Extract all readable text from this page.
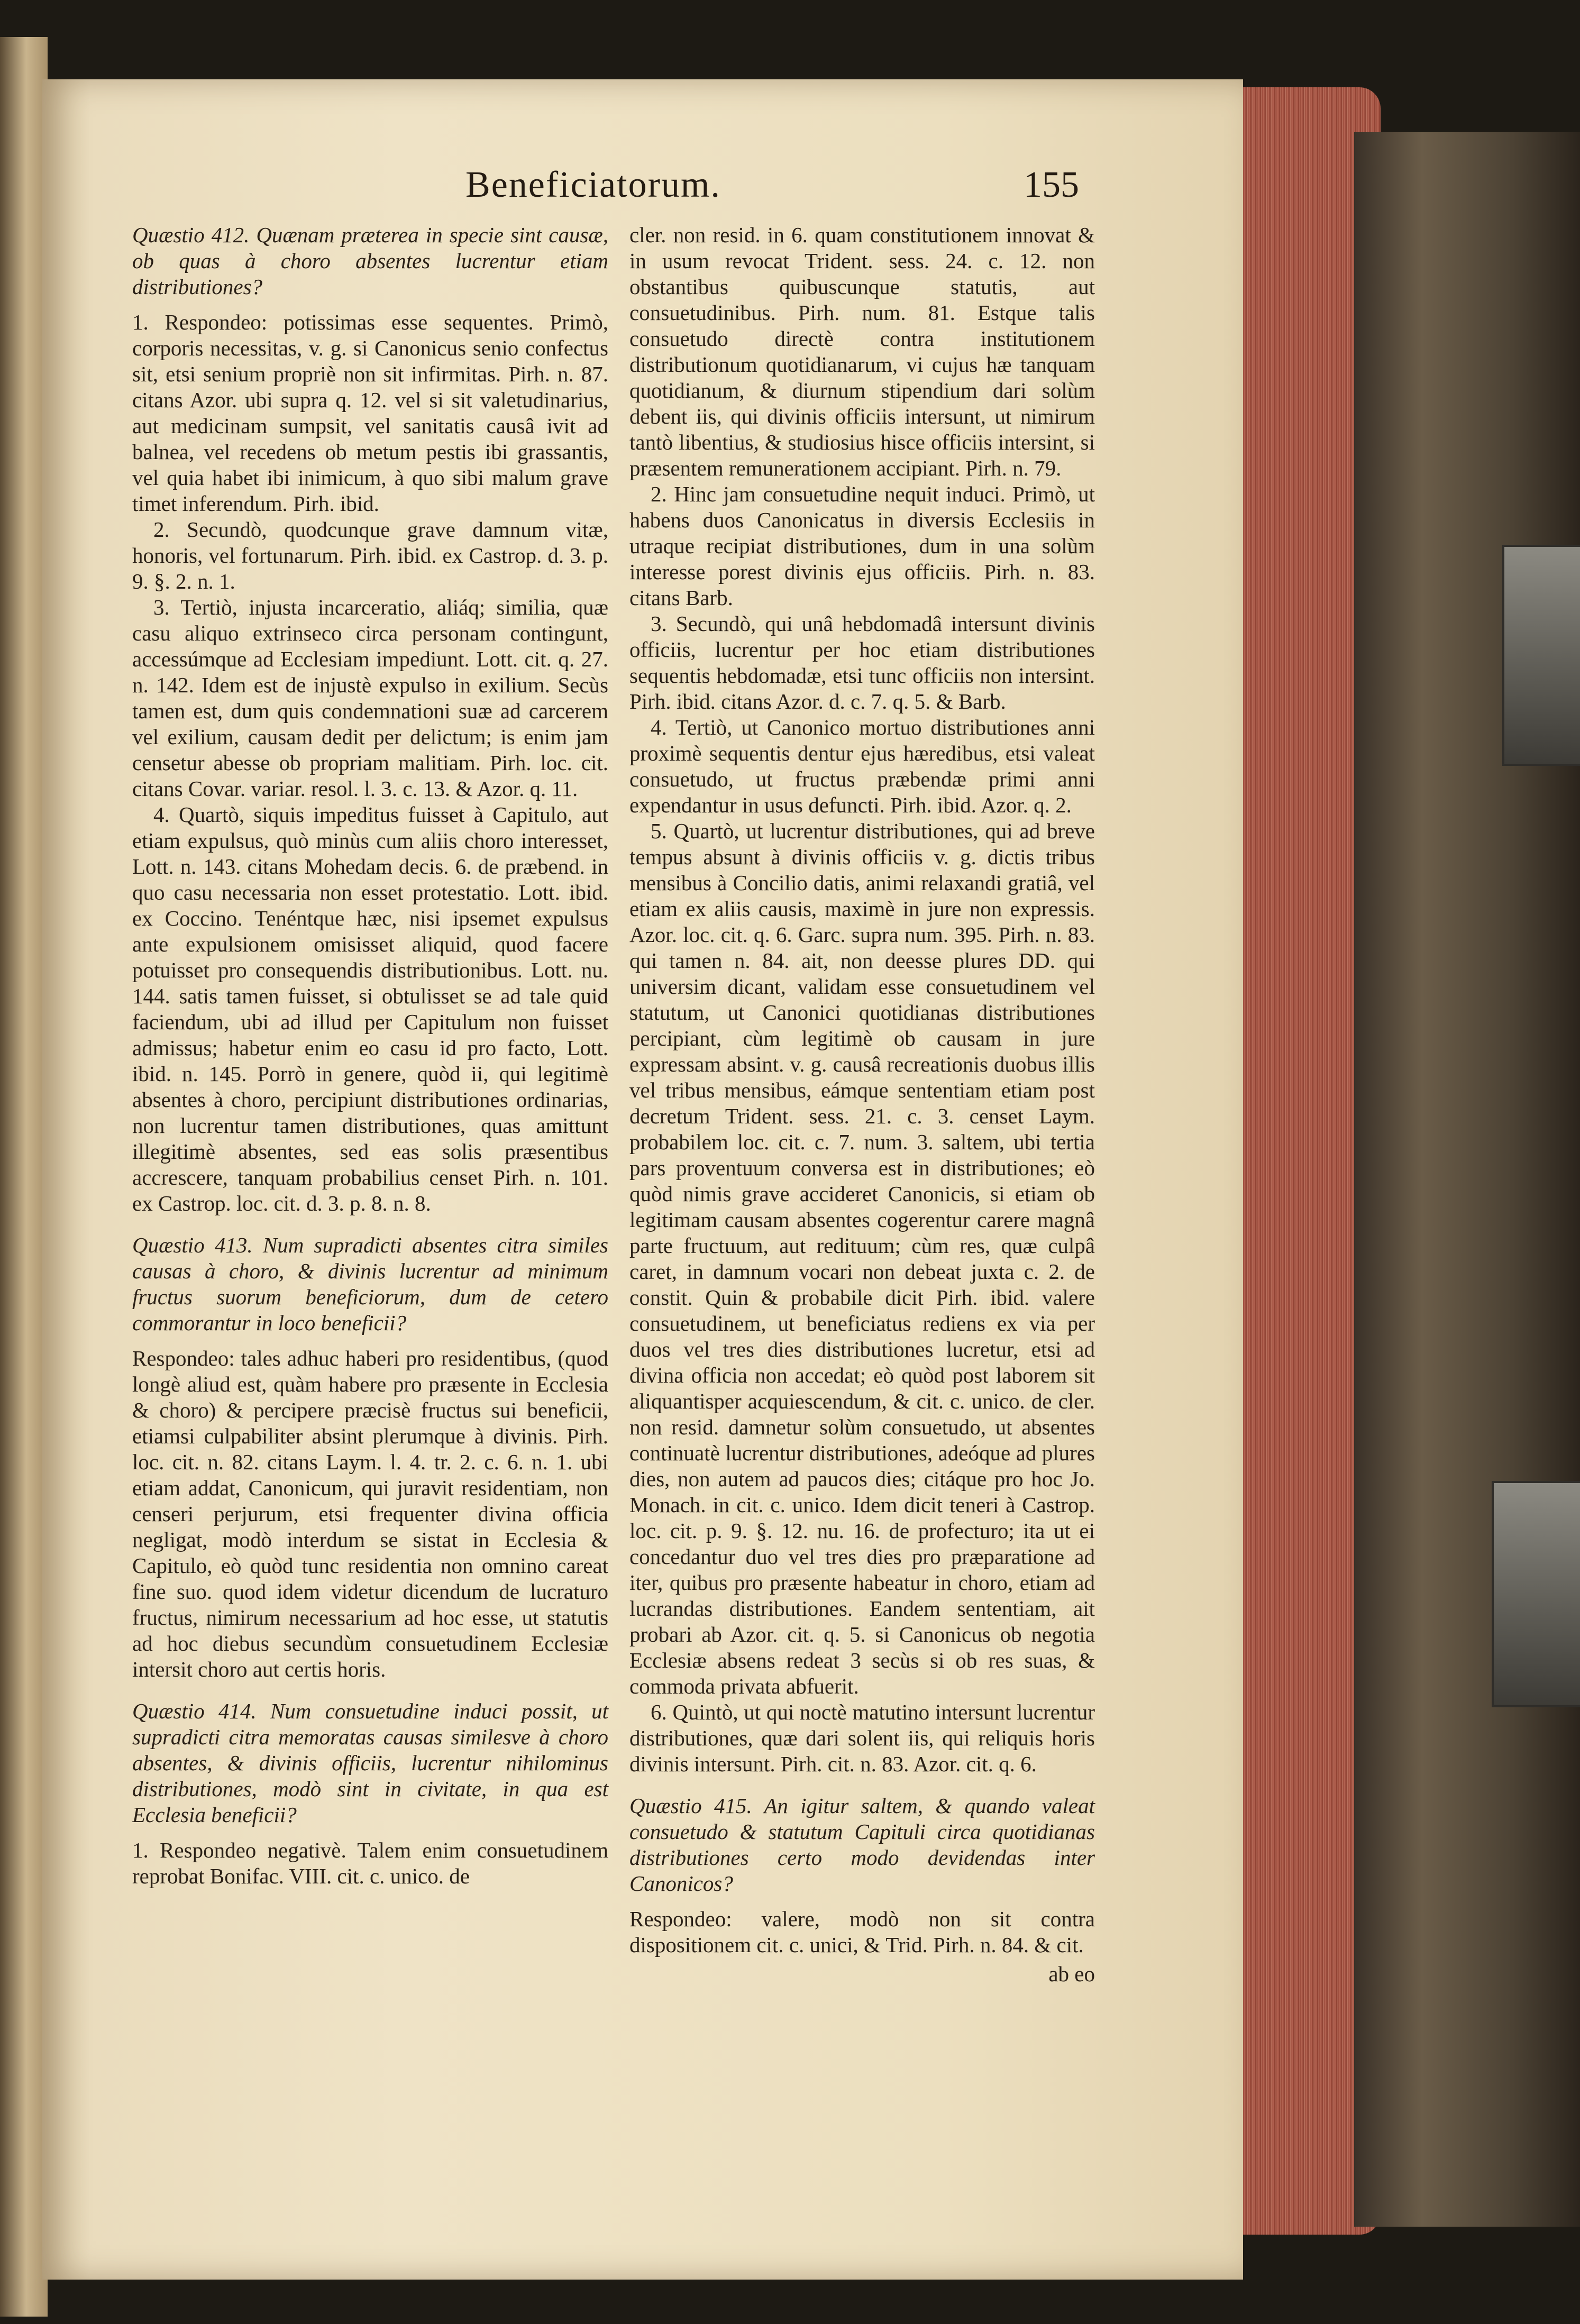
Beneficiatorum.	155

Quæstio 412. Quænam præterea in specie sint causæ, ob quas à choro absentes lucrentur etiam distributiones?

1. Respondeo: potissimas esse sequentes. Primò, corporis necessitas, v. g. si Canonicus senio confectus sit, etsi senium propriè non sit infirmitas. Pirh. n. 87. citans Azor. ubi supra q. 12. vel si sit valetudinarius, aut medicinam sumpsit, vel sanitatis causâ ivit ad balnea, vel recedens ob metum pestis ibi grassantis, vel quia habet ibi inimicum, à quo sibi malum grave timet inferendum. Pirh. ibid.

2. Secundò, quodcunque grave damnum vitæ, honoris, vel fortunarum. Pirh. ibid. ex Castrop. d. 3. p. 9. §. 2. n. 1.

3. Tertiò, injusta incarceratio, aliáq; similia, quæ casu aliquo extrinseco circa personam contingunt, accessúmque ad Ecclesiam impediunt. Lott. cit. q. 27. n. 142. Idem est de injustè expulso in exilium. Secùs tamen est, dum quis condemnationi suæ ad carcerem vel exilium, causam dedit per delictum; is enim jam censetur abesse ob propriam malitiam. Pirh. loc. cit. citans Covar. variar. resol. l. 3. c. 13. & Azor. q. 11.

4. Quartò, siquis impeditus fuisset à Capitulo, aut etiam expulsus, quò minùs cum aliis choro interesset, Lott. n. 143. citans Mohedam decis. 6. de præbend. in quo casu necessaria non esset protestatio. Lott. ibid. ex Coccino. Tenéntque hæc, nisi ipsemet expulsus ante expulsionem omisisset aliquid, quod facere potuisset pro consequendis distributionibus. Lott. nu. 144. satis tamen fuisset, si obtulisset se ad tale quid faciendum, ubi ad illud per Capitulum non fuisset admissus; habetur enim eo casu id pro facto, Lott. ibid. n. 145. Porrò in genere, quòd ii, qui legitimè absentes à choro, percipiunt distributiones ordinarias, non lucrentur tamen distributiones, quas amittunt illegitimè absentes, sed eas solis præsentibus accrescere, tanquam probabilius censet Pirh. n. 101. ex Castrop. loc. cit. d. 3. p. 8. n. 8.

Quæstio 413. Num supradicti absentes citra similes causas à choro, & divinis lucrentur ad minimum fructus suorum beneficiorum, dum de cetero commorantur in loco beneficii?

Respondeo: tales adhuc haberi pro residentibus, (quod longè aliud est, quàm habere pro præsente in Ecclesia & choro) & percipere præcisè fructus sui beneficii, etiamsi culpabiliter absint plerumque à divinis. Pirh. loc. cit. n. 82. citans Laym. l. 4. tr. 2. c. 6. n. 1. ubi etiam addat, Canonicum, qui juravit residentiam, non censeri perjurum, etsi frequenter divina officia negligat, modò interdum se sistat in Ecclesia & Capitulo, eò quòd tunc residentia non omnino careat fine suo. quod idem videtur dicendum de lucraturo fructus, nimirum necessarium ad hoc esse, ut statutis ad hoc diebus secundùm consuetudinem Ecclesiæ intersit choro aut certis horis.

Quæstio 414. Num consuetudine induci possit, ut supradicti citra memoratas causas similesve à choro absentes, & divinis officiis, lucrentur nihilominus distributiones, modò sint in civitate, in qua est Ecclesia beneficii?

1. Respondeo negativè. Talem enim consuetudinem reprobat Bonifac. VIII. cit. c. unico. de

cler. non resid. in 6. quam constitutionem innovat & in usum revocat Trident. sess. 24. c. 12. non obstantibus quibuscunque statutis, aut consuetudinibus. Pirh. num. 81. Estque talis consuetudo directè contra institutionem distributionum quotidianarum, vi cujus hæ tanquam quotidianum, & diurnum stipendium dari solùm debent iis, qui divinis officiis intersunt, ut nimirum tantò libentius, & studiosius hisce officiis intersint, si præsentem remunerationem accipiant. Pirh. n. 79.

2. Hinc jam consuetudine nequit induci. Primò, ut habens duos Canonicatus in diversis Ecclesiis in utraque recipiat distributiones, dum in una solùm interesse porest divinis ejus officiis. Pirh. n. 83. citans Barb.

3. Secundò, qui unâ hebdomadâ intersunt divinis officiis, lucrentur per hoc etiam distributiones sequentis hebdomadæ, etsi tunc officiis non intersint. Pirh. ibid. citans Azor. d. c. 7. q. 5. & Barb.

4. Tertiò, ut Canonico mortuo distributiones anni proximè sequentis dentur ejus hæredibus, etsi valeat consuetudo, ut fructus præbendæ primi anni expendantur in usus defuncti. Pirh. ibid. Azor. q. 2.

5. Quartò, ut lucrentur distributiones, qui ad breve tempus absunt à divinis officiis v. g. dictis tribus mensibus à Concilio datis, animi relaxandi gratiâ, vel etiam ex aliis causis, maximè in jure non expressis. Azor. loc. cit. q. 6. Garc. supra num. 395. Pirh. n. 83. qui tamen n. 84. ait, non deesse plures DD. qui universim dicant, validam esse consuetudinem vel statutum, ut Canonici quotidianas distributiones percipiant, cùm legitimè ob causam in jure expressam absint. v. g. causâ recreationis duobus illis vel tribus mensibus, eámque sententiam etiam post decretum Trident. sess. 21. c. 3. censet Laym. probabilem loc. cit. c. 7. num. 3. saltem, ubi tertia pars proventuum conversa est in distributiones; eò quòd nimis grave accideret Canonicis, si etiam ob legitimam causam absentes cogerentur carere magnâ parte fructuum, aut redituum; cùm res, quæ culpâ caret, in damnum vocari non debeat juxta c. 2. de constit. Quin & probabile dicit Pirh. ibid. valere consuetudinem, ut beneficiatus rediens ex via per duos vel tres dies distributiones lucretur, etsi ad divina officia non accedat; eò quòd post laborem sit aliquantisper acquiescendum, & cit. c. unico. de cler. non resid. damnetur solùm consuetudo, ut absentes continuatè lucrentur distributiones, adeóque ad plures dies, non autem ad paucos dies; citáque pro hoc Jo. Monach. in cit. c. unico. Idem dicit teneri à Castrop. loc. cit. p. 9. §. 12. nu. 16. de profecturo; ita ut ei concedantur duo vel tres dies pro præparatione ad iter, quibus pro præsente habeatur in choro, etiam ad lucrandas distributiones. Eandem sententiam, ait probari ab Azor. cit. q. 5. si Canonicus ob negotia Ecclesiæ absens redeat 3 secùs si ob res suas, & commoda privata abfuerit.

6. Quintò, ut qui noctè matutino intersunt lucrentur distributiones, quæ dari solent iis, qui reliquis horis divinis intersunt. Pirh. cit. n. 83. Azor. cit. q. 6.

Quæstio 415. An igitur saltem, & quando valeat consuetudo & statutum Capituli circa quotidianas distributiones certo modo devidendas inter Canonicos?

Respondeo: valere, modò non sit contra dispositionem cit. c. unici, & Trid. Pirh. n. 84. & cit.

ab eo
